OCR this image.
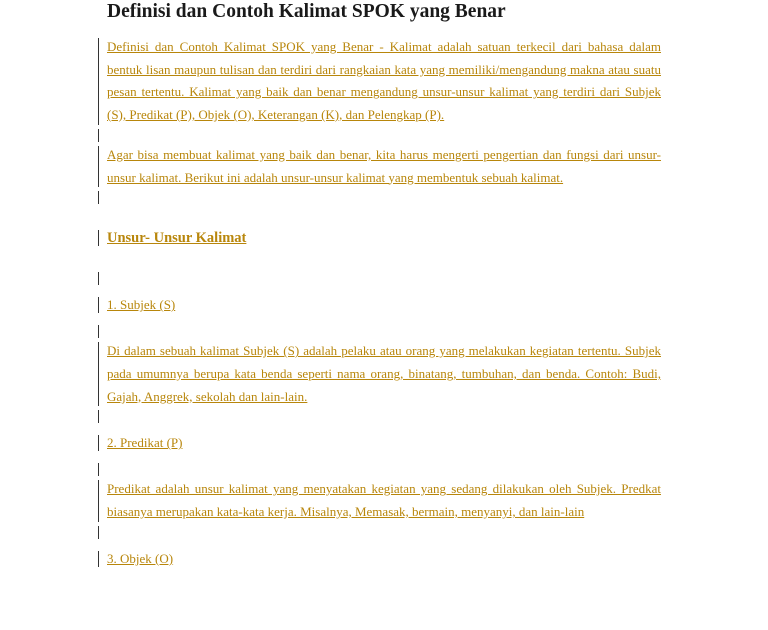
Definisi dan Contoh Kalimat SPOK yang Benar

Definisi dan Contoh Kalimat SPOK yang Benar - Kalimat adalah satuan terkecil dari bahasa dalam bentuk lisan maupun tulisan dan terdiri dari rangkaian kata yang memiliki/mengandung makna atau suatu pesan tertentu. Kalimat yang baik dan benar mengandung unsur-unsur kalimat yang terdiri dari Subjek (S), Predikat (P), Objek (O), Keterangan (K), dan Pelengkap (P).

Agar bisa membuat kalimat yang baik dan benar, kita harus mengerti pengertian dan fungsi dari unsur-unsur kalimat. Berikut ini adalah unsur-unsur kalimat yang membentuk sebuah kalimat.

Unsur- Unsur Kalimat
1. Subjek (S)

Di dalam sebuah kalimat Subjek (S) adalah pelaku atau orang yang melakukan kegiatan tertentu. Subjek pada umumnya berupa kata benda seperti nama orang, binatang, tumbuhan, dan benda. Contoh: Budi, Gajah, Anggrek, sekolah dan lain-lain.

2. Predikat (P)

Predikat adalah unsur kalimat yang menyatakan kegiatan yang sedang dilakukan oleh Subjek. Predkat biasanya merupakan kata-kata kerja. Misalnya, Memasak, bermain, menyanyi, dan lain-lain

3. Objek (O)
